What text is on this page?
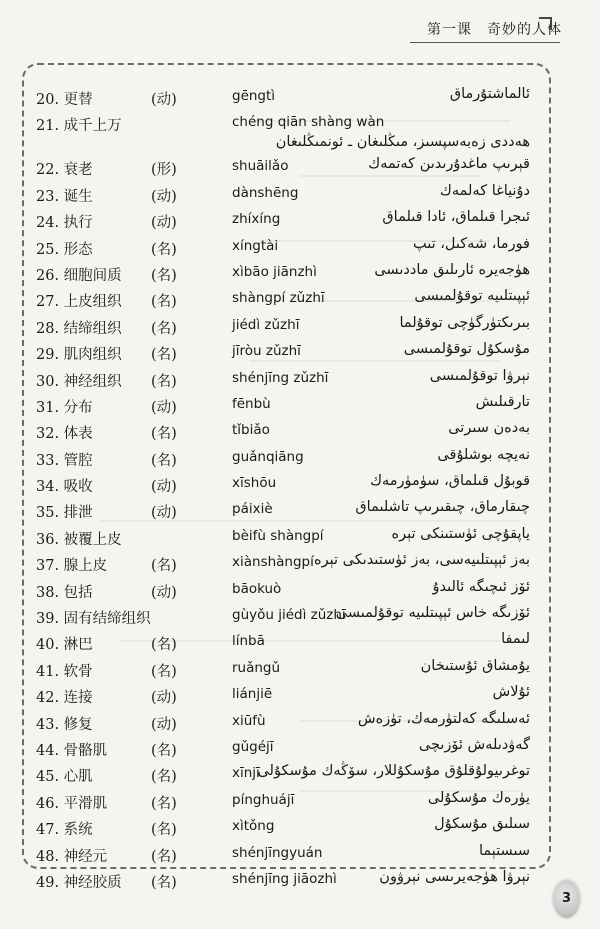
第一课　奇妙的人体
20. 更替	(动)	gēngtì	ئالماشتۇرماق
21. 成千上万	chéng qiān shàng wàn
ھەددى زەبەسپسىز، مىڭلىغان ـ ئونمىڭلىغان
22. 衰老	(形)	shuāilǎo	قېرىپ ماغدۇرىدىن كەتمەك
23. 诞生	(动)	dànshēng	دۇنياغا كەلمەك
24. 执行	(动)	zhíxíng	ئىجرا قىلماق، ئادا قىلماق
25. 形态	(名)	xíngtài	فورما، شەكىل، تىپ
26. 细胞间质 (名)	xìbāo jiānzhì	ھۈجەيرە ئارىلىق ماددىسى
27. 上皮组织 (名)	shàngpí zǔzhī	ئېپىتلىيە توقۇلمىسى
28. 结缔组织 (名)	jiédì zǔzhī	بىرىكتۈرگۈچى توقۇلما
29. 肌肉组织 (名)	jīròu zǔzhī	مۇسكۇل توقۇلمىسى
30. 神经组织 (名)	shénjīng zǔzhī	نېرۋا توقۇلمىسى
31. 分布	(动)	fēnbù	تارقىلىش
32. 体表	(名)	tǐbiǎo	بەدەن سىرتى
33. 管腔	(名)	guǎnqiāng	نەيچە بوشلۇقى
34. 吸收	(动)	xīshōu	قوبۇل قىلماق، سۈمۈرمەك
35. 排泄	(动)	páixiè	چىقارماق، چىقىرىپ تاشلىماق
36. 被覆上皮	bèifù shàngpí	ياپقۇچى ئۈستىنكى تېرە
37. 腺上皮	(名)	xiànshàngpí بەز ئېپىتلىيەسى، بەز ئۈستىدىكى تېرە
38. 包括	(动)	bāokuò	ئۆز ئىچىگە ئالىدۇ
39. 固有结缔组织	gùyǒu jiédì zǔzhī
ئۆزىگە خاس ئېپىتلىيە توقۇلمىسى
40. 淋巴	(名)	línbā	لىمفا
41. 软骨	(名)	ruǎngǔ	يۇمشاق ئۇستىخان
42. 连接	(动)	liánjiē	ئۇلاش
43. 修复	(动)	xiūfù	ئەسلىگە كەلتۈرمەك، تۈزەش
44. 骨骼肌	(名)	gǔgéjī	گەۋدىلەش ئۆزىچى
45. 心肌	(名)	xīnjī
توغرىيولۇقلۇق مۇسكۇللار، سۆڭەك مۇسكۇلى
46. 平滑肌	(名)	pínghuájī	يۈرەك مۇسكۇلى
47. 系统	(名)	xìtǒng	سىلىق مۇسكۇل
48. 神经元	(名)	shénjīngyuán	سىستېما
49. 神经胶质 (名)	shénjīng jiāozhì	نېرۋا ھۈجەيرىسى نېرۋون
3
